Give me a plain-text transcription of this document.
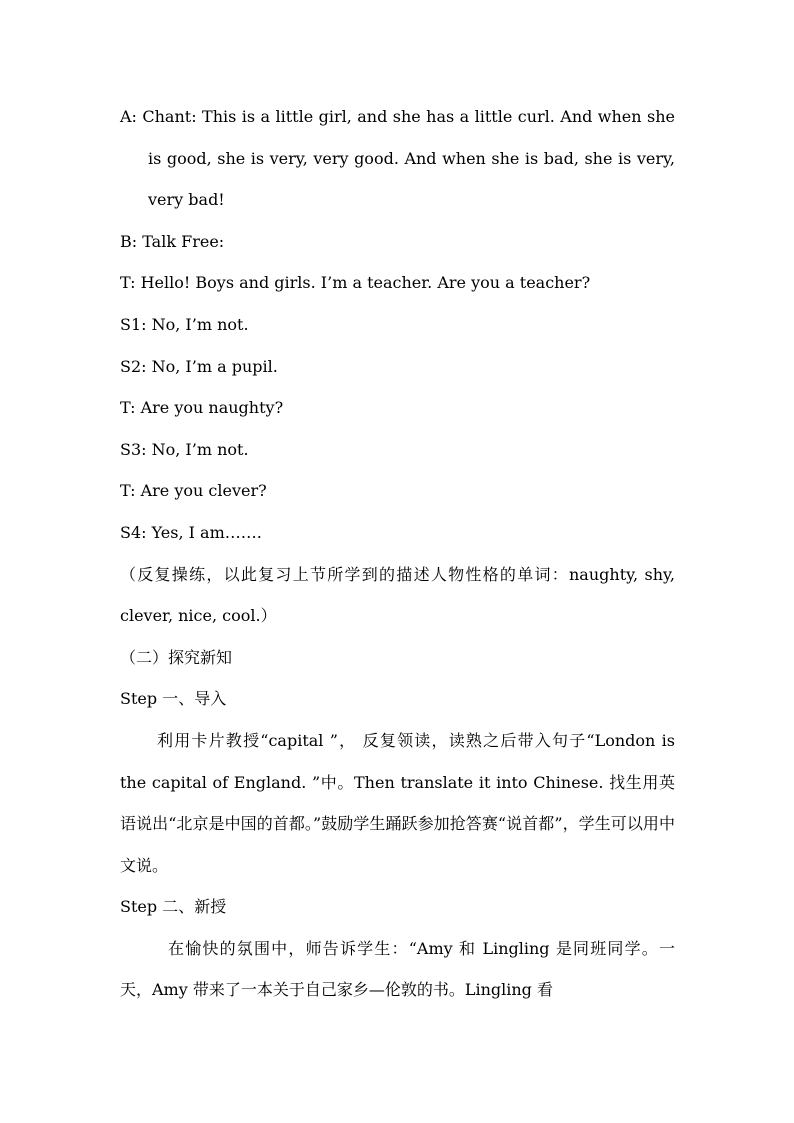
A: Chant: This is a little girl, and she has a little curl. And when she is good, she is very, very good. And when she is bad, she is very, very bad!

B: Talk Free:

T: Hello! Boys and girls. I’m a teacher. Are you a teacher?

S1: No, I’m not.

S2: No, I’m a pupil.

T: Are you naughty?

S3: No, I’m not.

T: Are you clever?

S4: Yes, I am…….

（反复操练，以此复习上节所学到的描述人物性格的单词：naughty, shy, clever, nice, cool.）

（二）探究新知

Step 一、导入

利用卡片教授“capital ”， 反复领读，读熟之后带入句子“London is the capital of England. ”中。Then translate it into Chinese. 找生用英语说出“北京是中国的首都。”鼓励学生踊跃参加抢答赛“说首都”，学生可以用中文说。

Step 二、新授

在愉快的氛围中，师告诉学生：“Amy 和 Lingling 是同班同学。一天，Amy 带来了一本关于自己家乡—伦敦的书。Lingling 看
